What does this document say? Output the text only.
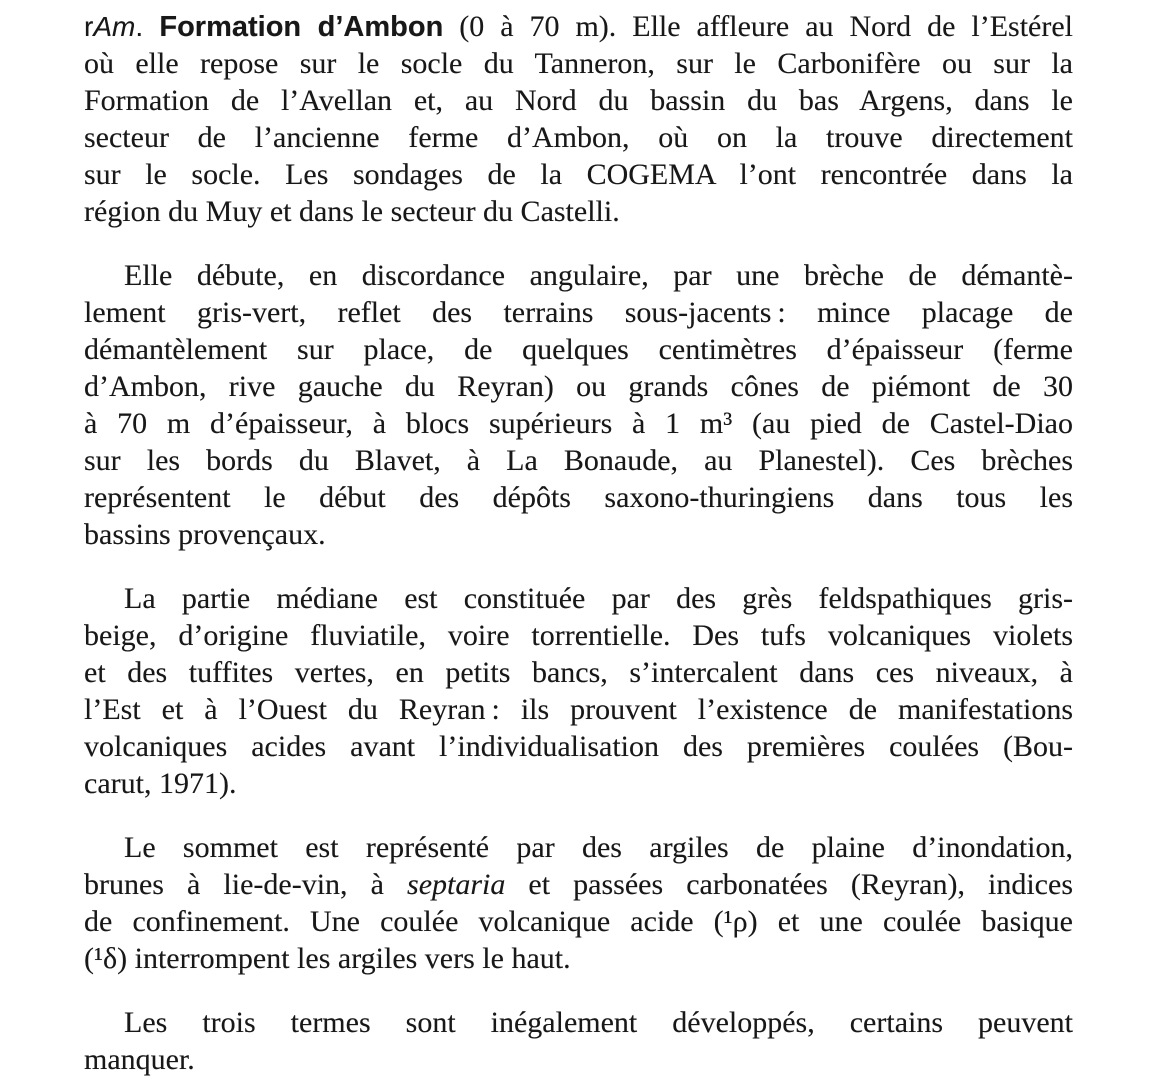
rAm. Formation d’Ambon (0 à 70 m). Elle affleure au Nord de l’Estérel
où elle repose sur le socle du Tanneron, sur le Carbonifère ou sur la
Formation de l’Avellan et, au Nord du bassin du bas Argens, dans le
secteur de l’ancienne ferme d’Ambon, où on la trouve directement
sur le socle. Les sondages de la COGEMA l’ont rencontrée dans la
région du Muy et dans le secteur du Castelli.
Elle débute, en discordance angulaire, par une brèche de démantè-
lement gris-vert, reflet des terrains sous-jacents : mince placage de
démantèlement sur place, de quelques centimètres d’épaisseur (ferme
d’Ambon, rive gauche du Reyran) ou grands cônes de piémont de 30
à 70 m d’épaisseur, à blocs supérieurs à 1 m³ (au pied de Castel-Diao
sur les bords du Blavet, à La Bonaude, au Planestel). Ces brèches
représentent le début des dépôts saxono-thuringiens dans tous les
bassins provençaux.
La partie médiane est constituée par des grès feldspathiques gris-
beige, d’origine fluviatile, voire torrentielle. Des tufs volcaniques violets
et des tuffites vertes, en petits bancs, s’intercalent dans ces niveaux, à
l’Est et à l’Ouest du Reyran : ils prouvent l’existence de manifestations
volcaniques acides avant l’individualisation des premières coulées (Bou-
carut, 1971).
Le sommet est représenté par des argiles de plaine d’inondation,
brunes à lie-de-vin, à septaria et passées carbonatées (Reyran), indices
de confinement. Une coulée volcanique acide (¹ρ) et une coulée basique
(¹δ) interrompent les argiles vers le haut.
Les trois termes sont inégalement développés, certains peuvent
manquer.
